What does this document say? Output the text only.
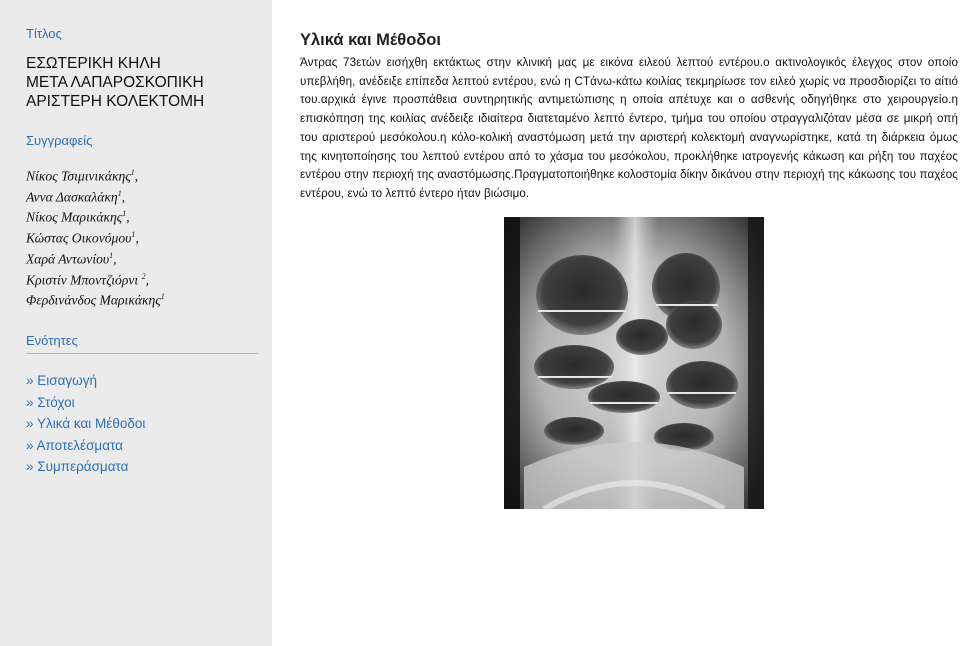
Τίτλος
ΕΣΩΤΕΡΙΚΗ ΚΗΛΗ
ΜΕΤΑ ΛΑΠΑΡΟΣΚΟΠΙΚΗ
ΑΡΙΣΤΕΡΗ ΚΟΛΕΚΤΟΜΗ
Συγγραφείς
Νίκος Τσιμινικάκης$^1$,
Αννα Δασκαλάκη$^1$,
Νίκος Μαρικάκης$^1$,
Κώστας Οικονόμου$^1$,
Χαρά Αντωνίου$^1$,
Κριστίν Μποντζιόρνι $^2$,
Φερδινάνδος Μαρικάκης$^1$
Ενότητες
» Εισαγωγή
» Στόχοι
» Υλικά και Μέθοδοι
» Αποτελέσματα
» Συμπεράσματα
Υλικά και Μέθοδοι
Άντρας 73ετών εισήχθη εκτάκτως στην κλινική μας με εικόνα ειλεού λεπτού εντέρου.ο ακτινολογικός έλεγχος στον οποίο υπεβλήθη, ανέδειξε επίπεδα λεπτού εντέρου, ενώ η CTάνω-κάτω κοιλίας τεκμηρίωσε τον ειλεό χωρίς να προσδιορίζει το αίτιό του.αρχικά έγινε προσπάθεια συντηρητικής αντιμετώπισης η οποία απέτυχε και ο ασθενής οδηγήθηκε στο χειρουργείο.η επισκόπηση της κοιλίας ανέδειξε ιδιαίτερα διατεταμένο λεπτό έντερο, τμήμα του οποίου στραγγαλιζόταν μέσα σε μικρή οπή του αριστερού μεσόκολου.η κόλο-κολική αναστόμωση μετά την αριστερή κολεκτομή αναγνωρίστηκε, κατά τη διάρκεια όμως της κινητοποίησης του λεπτού εντέρου από το χάσμα του μεσόκολου, προκλήθηκε ιατρογενής κάκωση και ρήξη του παχέος εντέρου στην περιοχή της αναστόμωσης.Πραγματοποιήθηκε κολοστομία δίκην δικάνου στην περιοχή της κάκωσης του παχέος εντέρου, ενώ το λεπτό έντερο ήταν βιώσιμο.
